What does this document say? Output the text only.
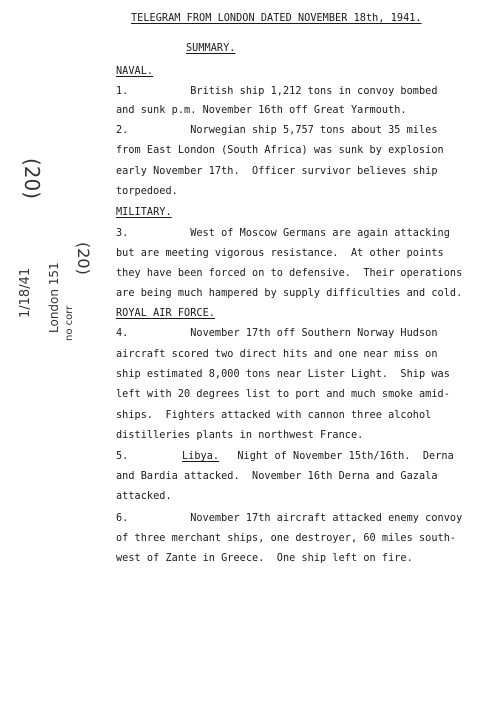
TELEGRAM FROM LONDON DATED NOVEMBER 18th, 1941.
SUMMARY.
NAVAL.
1.          British ship 1,212 tons in convoy bombed
and sunk p.m. November 16th off Great Yarmouth.
2.          Norwegian ship 5,757 tons about 35 miles
from East London (South Africa) was sunk by explosion
early November 17th.  Officer survivor believes ship
torpedoed.
MILITARY.
3.          West of Moscow Germans are again attacking
but are meeting vigorous resistance.  At other points
they have been forced on to defensive.  Their operations
are being much hampered by supply difficulties and cold.
ROYAL AIR FORCE.
4.          November 17th off Southern Norway Hudson
aircraft scored two direct hits and one near miss on
ship estimated 8,000 tons near Lister Light.  Ship was
left with 20 degrees list to port and much smoke amid-
ships.  Fighters attacked with cannon three alcohol
distilleries plants in northwest France.
5.	Libya. Night of November 15th/16th.  Derna
and Bardia attacked.  November 16th Derna and Gazala
attacked.
6.          November 17th aircraft attacked enemy convoy
of three merchant ships, one destroyer, 60 miles south-
west of Zante in Greece.  One ship left on fire.
(20)
1/18/41 London 151
(20)
no corr
